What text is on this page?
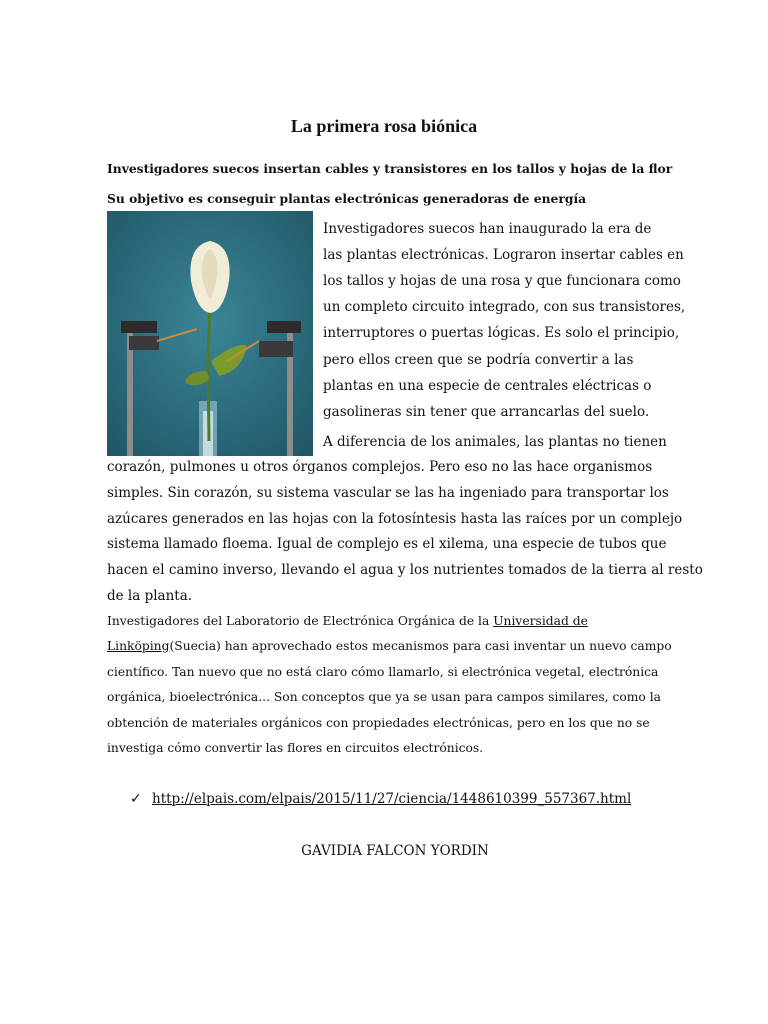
La primera rosa biónica

Investigadores suecos insertan cables y transistores en los tallos y hojas de la flor

Su objetivo es conseguir plantas electrónicas generadoras de energía

Investigadores suecos han inaugurado la era de

las plantas electrónicas. Lograron insertar cables en

los tallos y hojas de una rosa y que funcionara como

un completo circuito integrado, con sus transistores,

interruptores o puertas lógicas. Es solo el principio,

pero ellos creen que se podría convertir a las

plantas en una especie de centrales eléctricas o

gasolineras sin tener que arrancarlas del suelo.

A diferencia de los animales, las plantas no tienen

corazón, pulmones u otros órganos complejos. Pero eso no las hace organismos

simples. Sin corazón, su sistema vascular se las ha ingeniado para transportar los

azúcares generados en las hojas con la fotosíntesis hasta las raíces por un complejo

sistema llamado floema. Igual de complejo es el xilema, una especie de tubos que

hacen el camino inverso, llevando el agua y los nutrientes tomados de la tierra al resto

de la planta.

Investigadores del Laboratorio de Electrónica Orgánica de la Universidad de

Linköping(Suecia) han aprovechado estos mecanismos para casi inventar un nuevo campo

científico. Tan nuevo que no está claro cómo llamarlo, si electrónica vegetal, electrónica

orgánica, bioelectrónica... Son conceptos que ya se usan para campos similares, como la

obtención de materiales orgánicos con propiedades electrónicas, pero en los que no se

investiga cómo convertir las flores en circuitos electrónicos.

✓ http://elpais.com/elpais/2015/11/27/ciencia/1448610399_557367.html
GAVIDIA FALCON YORDIN
